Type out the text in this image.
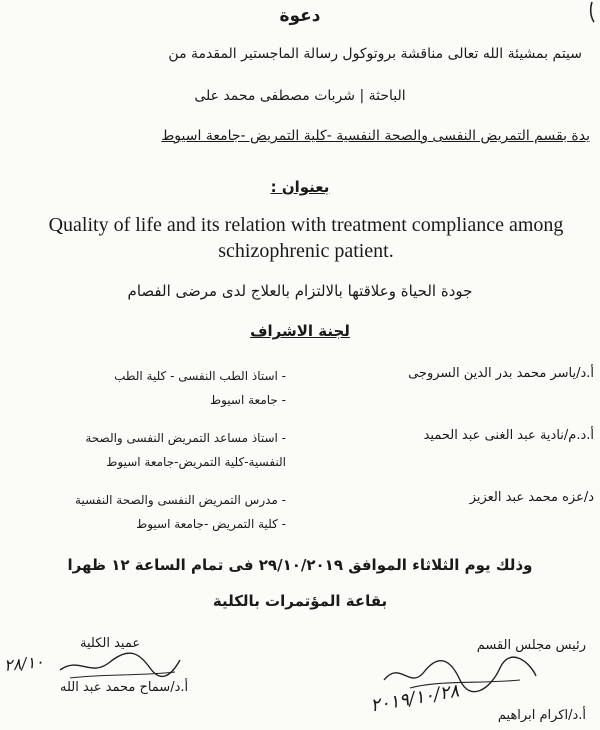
دعوة
سيتم بمشيئة الله تعالى مناقشة بروتوكول رسالة الماجستير المقدمة من
الباحثة | شربات مصطفى محمد على
يدة بقسم التمريض النفسى والصحة النفسية -كلية التمريض -جامعة اسيوط
بعنوان :
Quality of life and its relation with treatment compliance among schizophrenic patient.
جودة الحياة وعلاقتها بالالتزام بالعلاج لدى مرضى الفصام
لجنة الاشراف
أ.د/ياسر محمد بدر الدين السروجى
- استاذ الطب النفسى - كلية الطب
- جامعة اسيوط
أ.د.م/نادية عبد الغنى عبد الحميد
- استاذ مساعد التمريض النفسى والصحة
النفسية-كلية التمريض-جامعة اسيوط
د/عزه محمد عبد العزيز
- مدرس التمريض النفسى والصحة النفسية
- كلية التمريض -جامعة اسيوط
وذلك يوم الثلاثاء الموافق ٢٩/١٠/٢٠١٩ فى تمام الساعة ١٢ ظهرا
بقاعة المؤتمرات بالكلية
رئيس مجلس القسم
٢٠١٩/١٠/٢٨	أ.د/اكرام ابراهيم
عميد الكلية
٢٨/١٠
أ.د/سماح محمد عبد الله
